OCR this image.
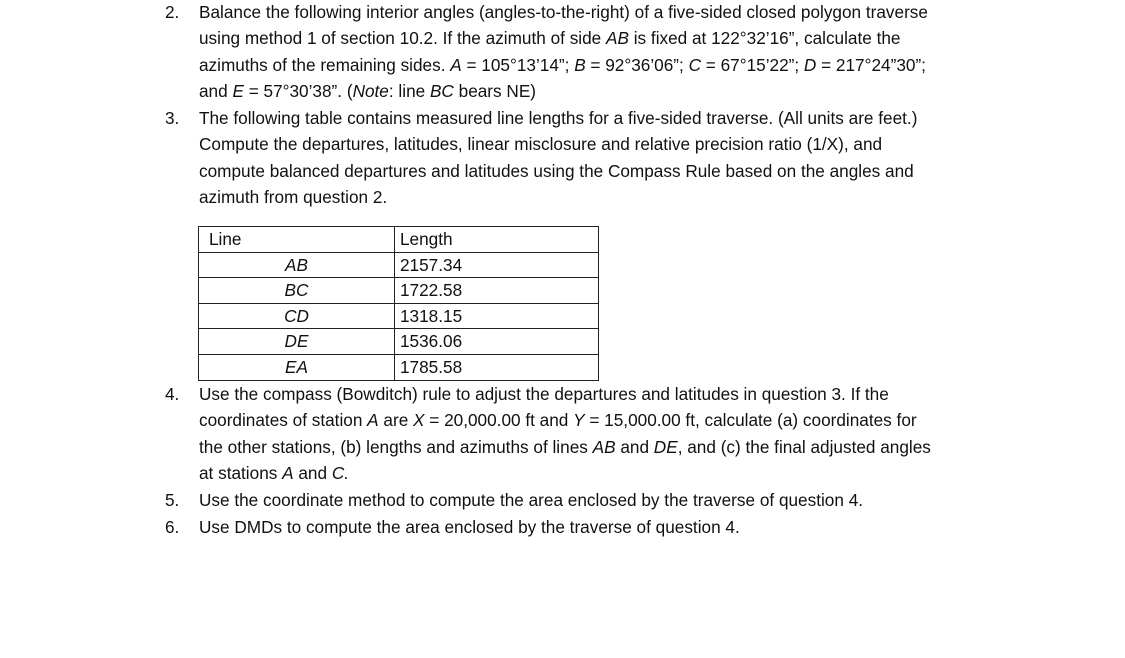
2.	Balance the following interior angles (angles-to-the-right) of a five-sided closed polygon traverse
using method 1 of section 10.2. If the azimuth of side AB is fixed at 122°32’16”, calculate the
azimuths of the remaining sides. A = 105°13’14”; B = 92°36’06”; C = 67°15’22”; D = 217°24”30”;
and E = 57°30’38”. (Note: line BC bears NE)
3.	The following table contains measured line lengths for a five-sided traverse. (All units are feet.)
Compute the departures, latitudes, linear misclosure and relative precision ratio (1/X), and
compute balanced departures and latitudes using the Compass Rule based on the angles and
azimuth from question 2.
Line	Length
AB	2157.34
BC	1722.58
CD	1318.15
DE	1536.06
EA	1785.58
4.	Use the compass (Bowditch) rule to adjust the departures and latitudes in question 3. If the
coordinates of station A are X = 20,000.00 ft and Y = 15,000.00 ft, calculate (a) coordinates for
the other stations, (b) lengths and azimuths of lines AB and DE, and (c) the final adjusted angles
at stations A and C.
5.	Use the coordinate method to compute the area enclosed by the traverse of question 4.
6.	Use DMDs to compute the area enclosed by the traverse of question 4.
